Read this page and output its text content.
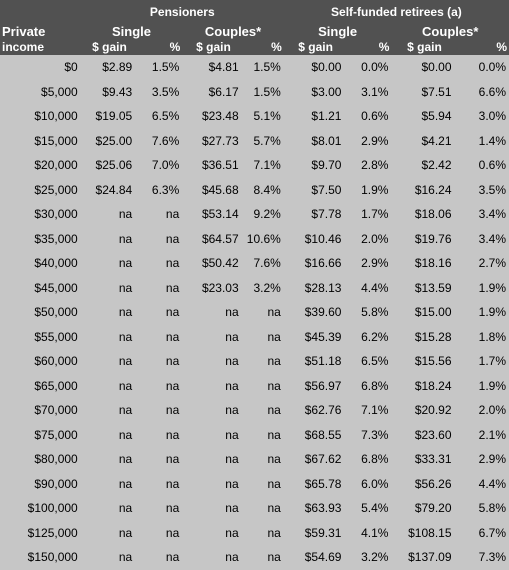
	Pensioners				Self-funded retirees (a)			
Private	Single		Couples*		Single		Couples*	
income	$ gain	%	$ gain	%	$ gain	%	$ gain	%
$0	$2.89	1.5%	$4.81	1.5%	$0.00	0.0%	$0.00	0.0%
$5,000	$9.43	3.5%	$6.17	1.5%	$3.00	3.1%	$7.51	6.6%
$10,000	$19.05	6.5%	$23.48	5.1%	$1.21	0.6%	$5.94	3.0%
$15,000	$25.00	7.6%	$27.73	5.7%	$8.01	2.9%	$4.21	1.4%
$20,000	$25.06	7.0%	$36.51	7.1%	$9.70	2.8%	$2.42	0.6%
$25,000	$24.84	6.3%	$45.68	8.4%	$7.50	1.9%	$16.24	3.5%
$30,000	na	na	$53.14	9.2%	$7.78	1.7%	$18.06	3.4%
$35,000	na	na	$64.57	10.6%	$10.46	2.0%	$19.76	3.4%
$40,000	na	na	$50.42	7.6%	$16.66	2.9%	$18.16	2.7%
$45,000	na	na	$23.03	3.2%	$28.13	4.4%	$13.59	1.9%
$50,000	na	na	na	na	$39.60	5.8%	$15.00	1.9%
$55,000	na	na	na	na	$45.39	6.2%	$15.28	1.8%
$60,000	na	na	na	na	$51.18	6.5%	$15.56	1.7%
$65,000	na	na	na	na	$56.97	6.8%	$18.24	1.9%
$70,000	na	na	na	na	$62.76	7.1%	$20.92	2.0%
$75,000	na	na	na	na	$68.55	7.3%	$23.60	2.1%
$80,000	na	na	na	na	$67.62	6.8%	$33.31	2.9%
$90,000	na	na	na	na	$65.78	6.0%	$56.26	4.4%
$100,000	na	na	na	na	$63.93	5.4%	$79.20	5.8%
$125,000	na	na	na	na	$59.31	4.1%	$108.15	6.7%
$150,000	na	na	na	na	$54.69	3.2%	$137.09	7.3%
